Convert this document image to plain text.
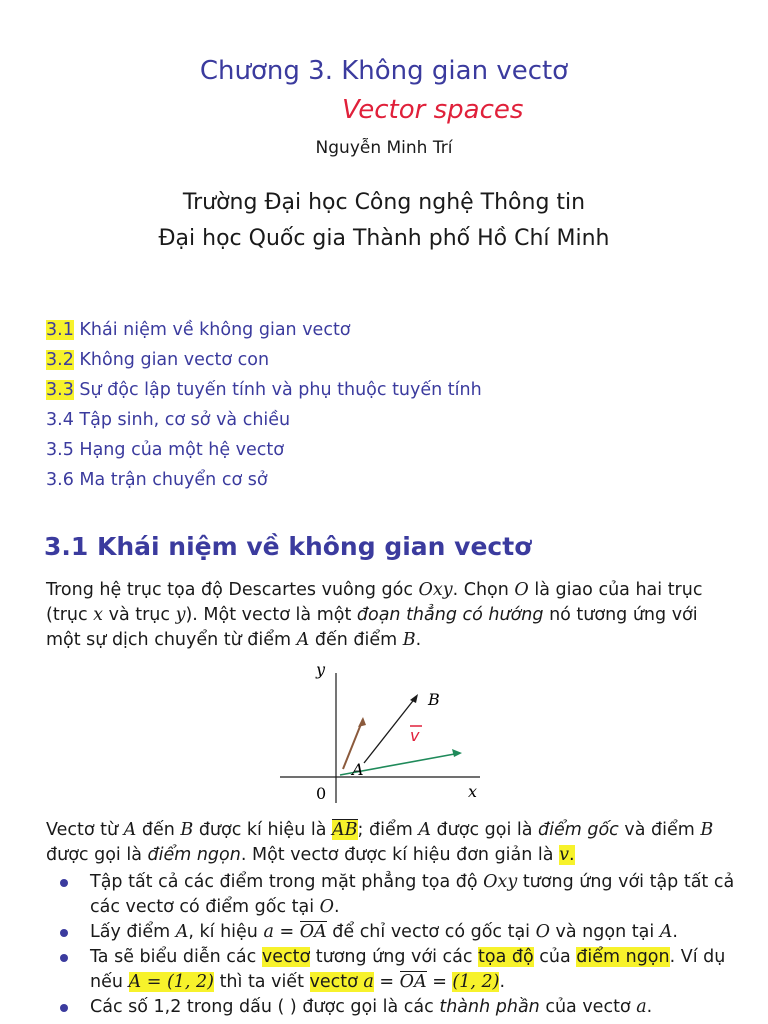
Chương 3. Không gian vectơ
Vector spaces
Nguyễn Minh Trí
Trường Đại học Công nghệ Thông tin
Đại học Quốc gia Thành phố Hồ Chí Minh
3.1 Khái niệm về không gian vectơ
3.2 Không gian vectơ con
3.3 Sự độc lập tuyến tính và phụ thuộc tuyến tính
3.4 Tập sinh, cơ sở và chiều
3.5 Hạng của một hệ vectơ
3.6 Ma trận chuyển cơ sở
3.1 Khái niệm về không gian vectơ
Trong hệ trục tọa độ Descartes vuông góc Oxy. Chọn O là giao của hai trục (trục x và trục y). Một vectơ là một đoạn thẳng có hướng nó tương ứng với một sự dịch chuyển từ điểm A đến điểm B.
y
x
0
A
B
v
Vectơ từ A đến B được kí hiệu là AB; điểm A được gọi là điểm gốc và điểm B được gọi là điểm ngọn. Một vectơ được kí hiệu đơn giản là v.
Tập tất cả các điểm trong mặt phẳng tọa độ Oxy tương ứng với tập tất cả các vectơ có điểm gốc tại O.
Lấy điểm A, kí hiệu a = OA để chỉ vectơ có gốc tại O và ngọn tại A.
Ta sẽ biểu diễn các vectơ tương ứng với các tọa độ của điểm ngọn. Ví dụ nếu A = (1, 2) thì ta viết vectơ a = OA = (1, 2).
Các số 1,2 trong dấu ( ) được gọi là các thành phần của vectơ a.
